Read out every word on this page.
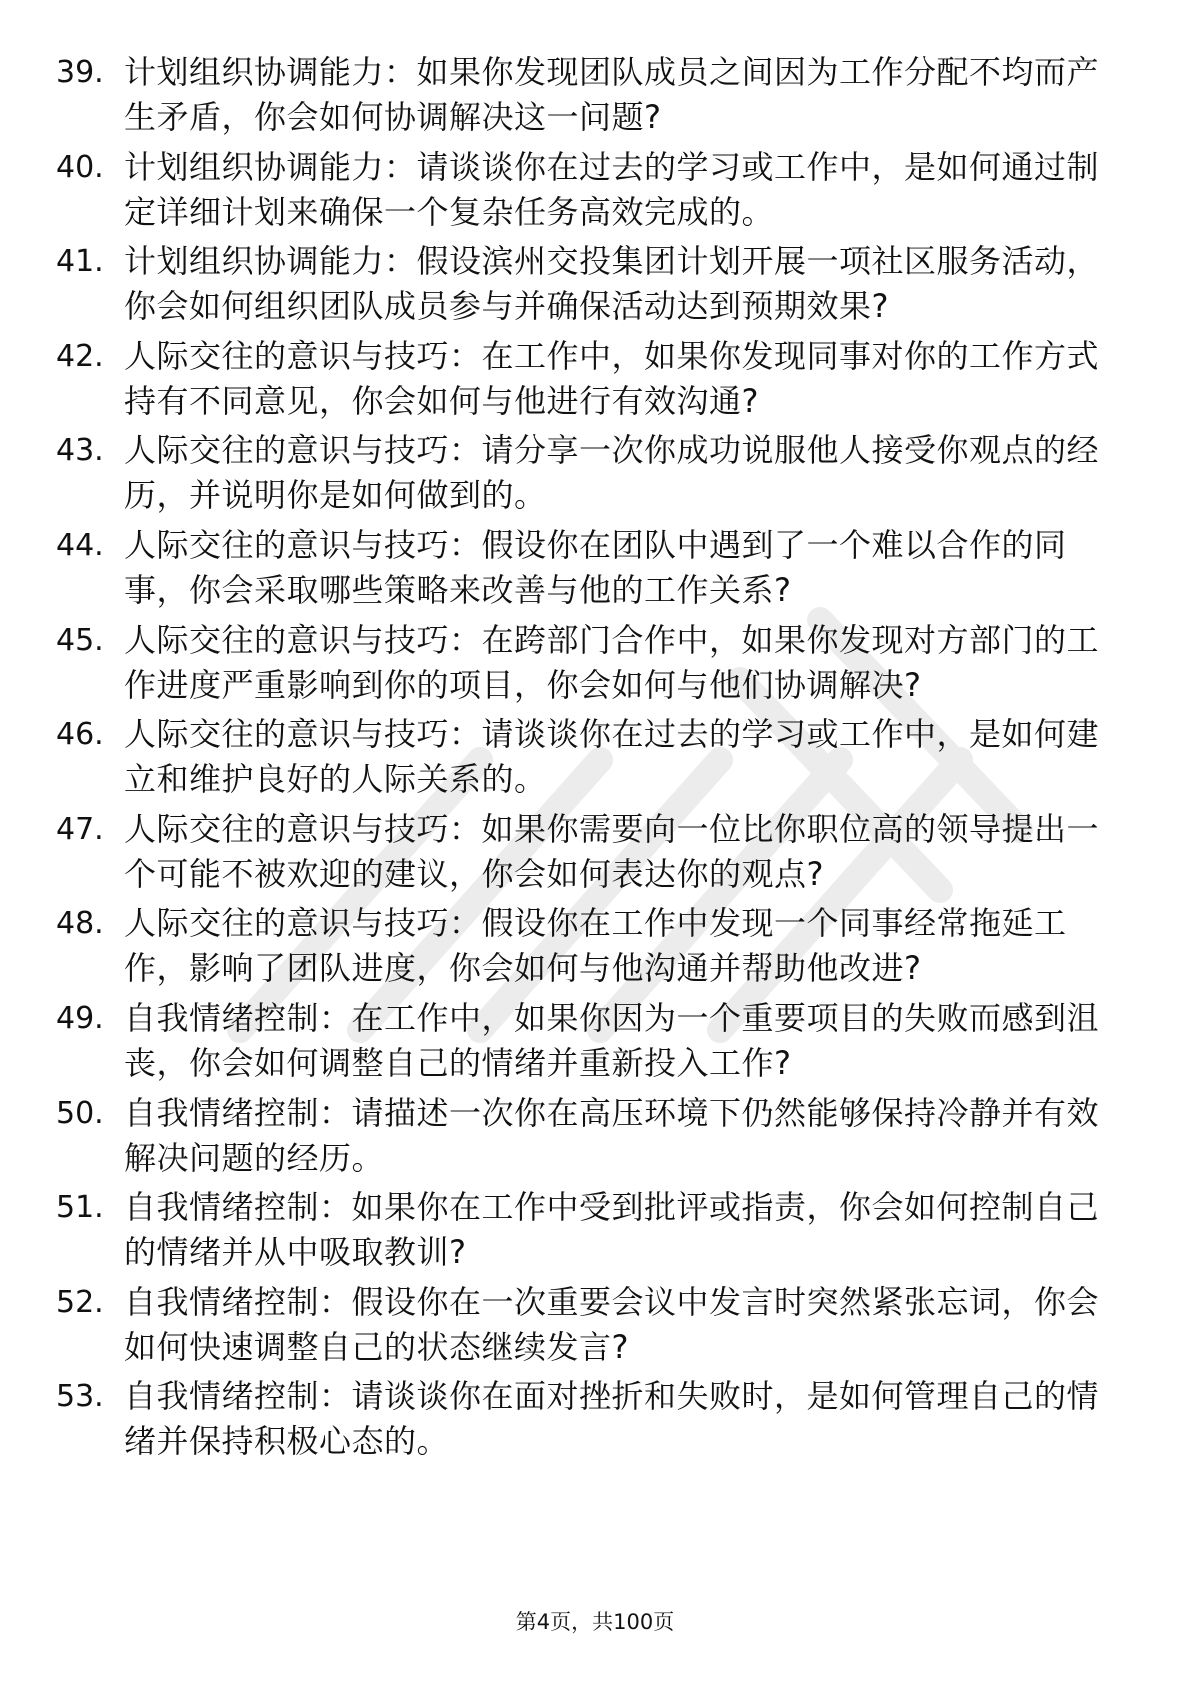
39. 计划组织协调能力：如果你发现团队成员之间因为工作分配不均而产生矛盾，你会如何协调解决这一问题?
40. 计划组织协调能力：请谈谈你在过去的学习或工作中，是如何通过制定详细计划来确保一个复杂任务高效完成的。
41. 计划组织协调能力：假设滨州交投集团计划开展一项社区服务活动，你会如何组织团队成员参与并确保活动达到预期效果?
42. 人际交往的意识与技巧：在工作中，如果你发现同事对你的工作方式持有不同意见，你会如何与他进行有效沟通?
43. 人际交往的意识与技巧：请分享一次你成功说服他人接受你观点的经历，并说明你是如何做到的。
44. 人际交往的意识与技巧：假设你在团队中遇到了一个难以合作的同事，你会采取哪些策略来改善与他的工作关系?
45. 人际交往的意识与技巧：在跨部门合作中，如果你发现对方部门的工作进度严重影响到你的项目，你会如何与他们协调解决?
46. 人际交往的意识与技巧：请谈谈你在过去的学习或工作中，是如何建立和维护良好的人际关系的。
47. 人际交往的意识与技巧：如果你需要向一位比你职位高的领导提出一个可能不被欢迎的建议，你会如何表达你的观点?
48. 人际交往的意识与技巧：假设你在工作中发现一个同事经常拖延工作，影响了团队进度，你会如何与他沟通并帮助他改进?
49. 自我情绪控制：在工作中，如果你因为一个重要项目的失败而感到沮丧，你会如何调整自己的情绪并重新投入工作?
50. 自我情绪控制：请描述一次你在高压环境下仍然能够保持冷静并有效解决问题的经历。
51. 自我情绪控制：如果你在工作中受到批评或指责，你会如何控制自己的情绪并从中吸取教训?
52. 自我情绪控制：假设你在一次重要会议中发言时突然紧张忘词，你会如何快速调整自己的状态继续发言?
53. 自我情绪控制：请谈谈你在面对挫折和失败时，是如何管理自己的情绪并保持积极心态的。
第4页，共100页
